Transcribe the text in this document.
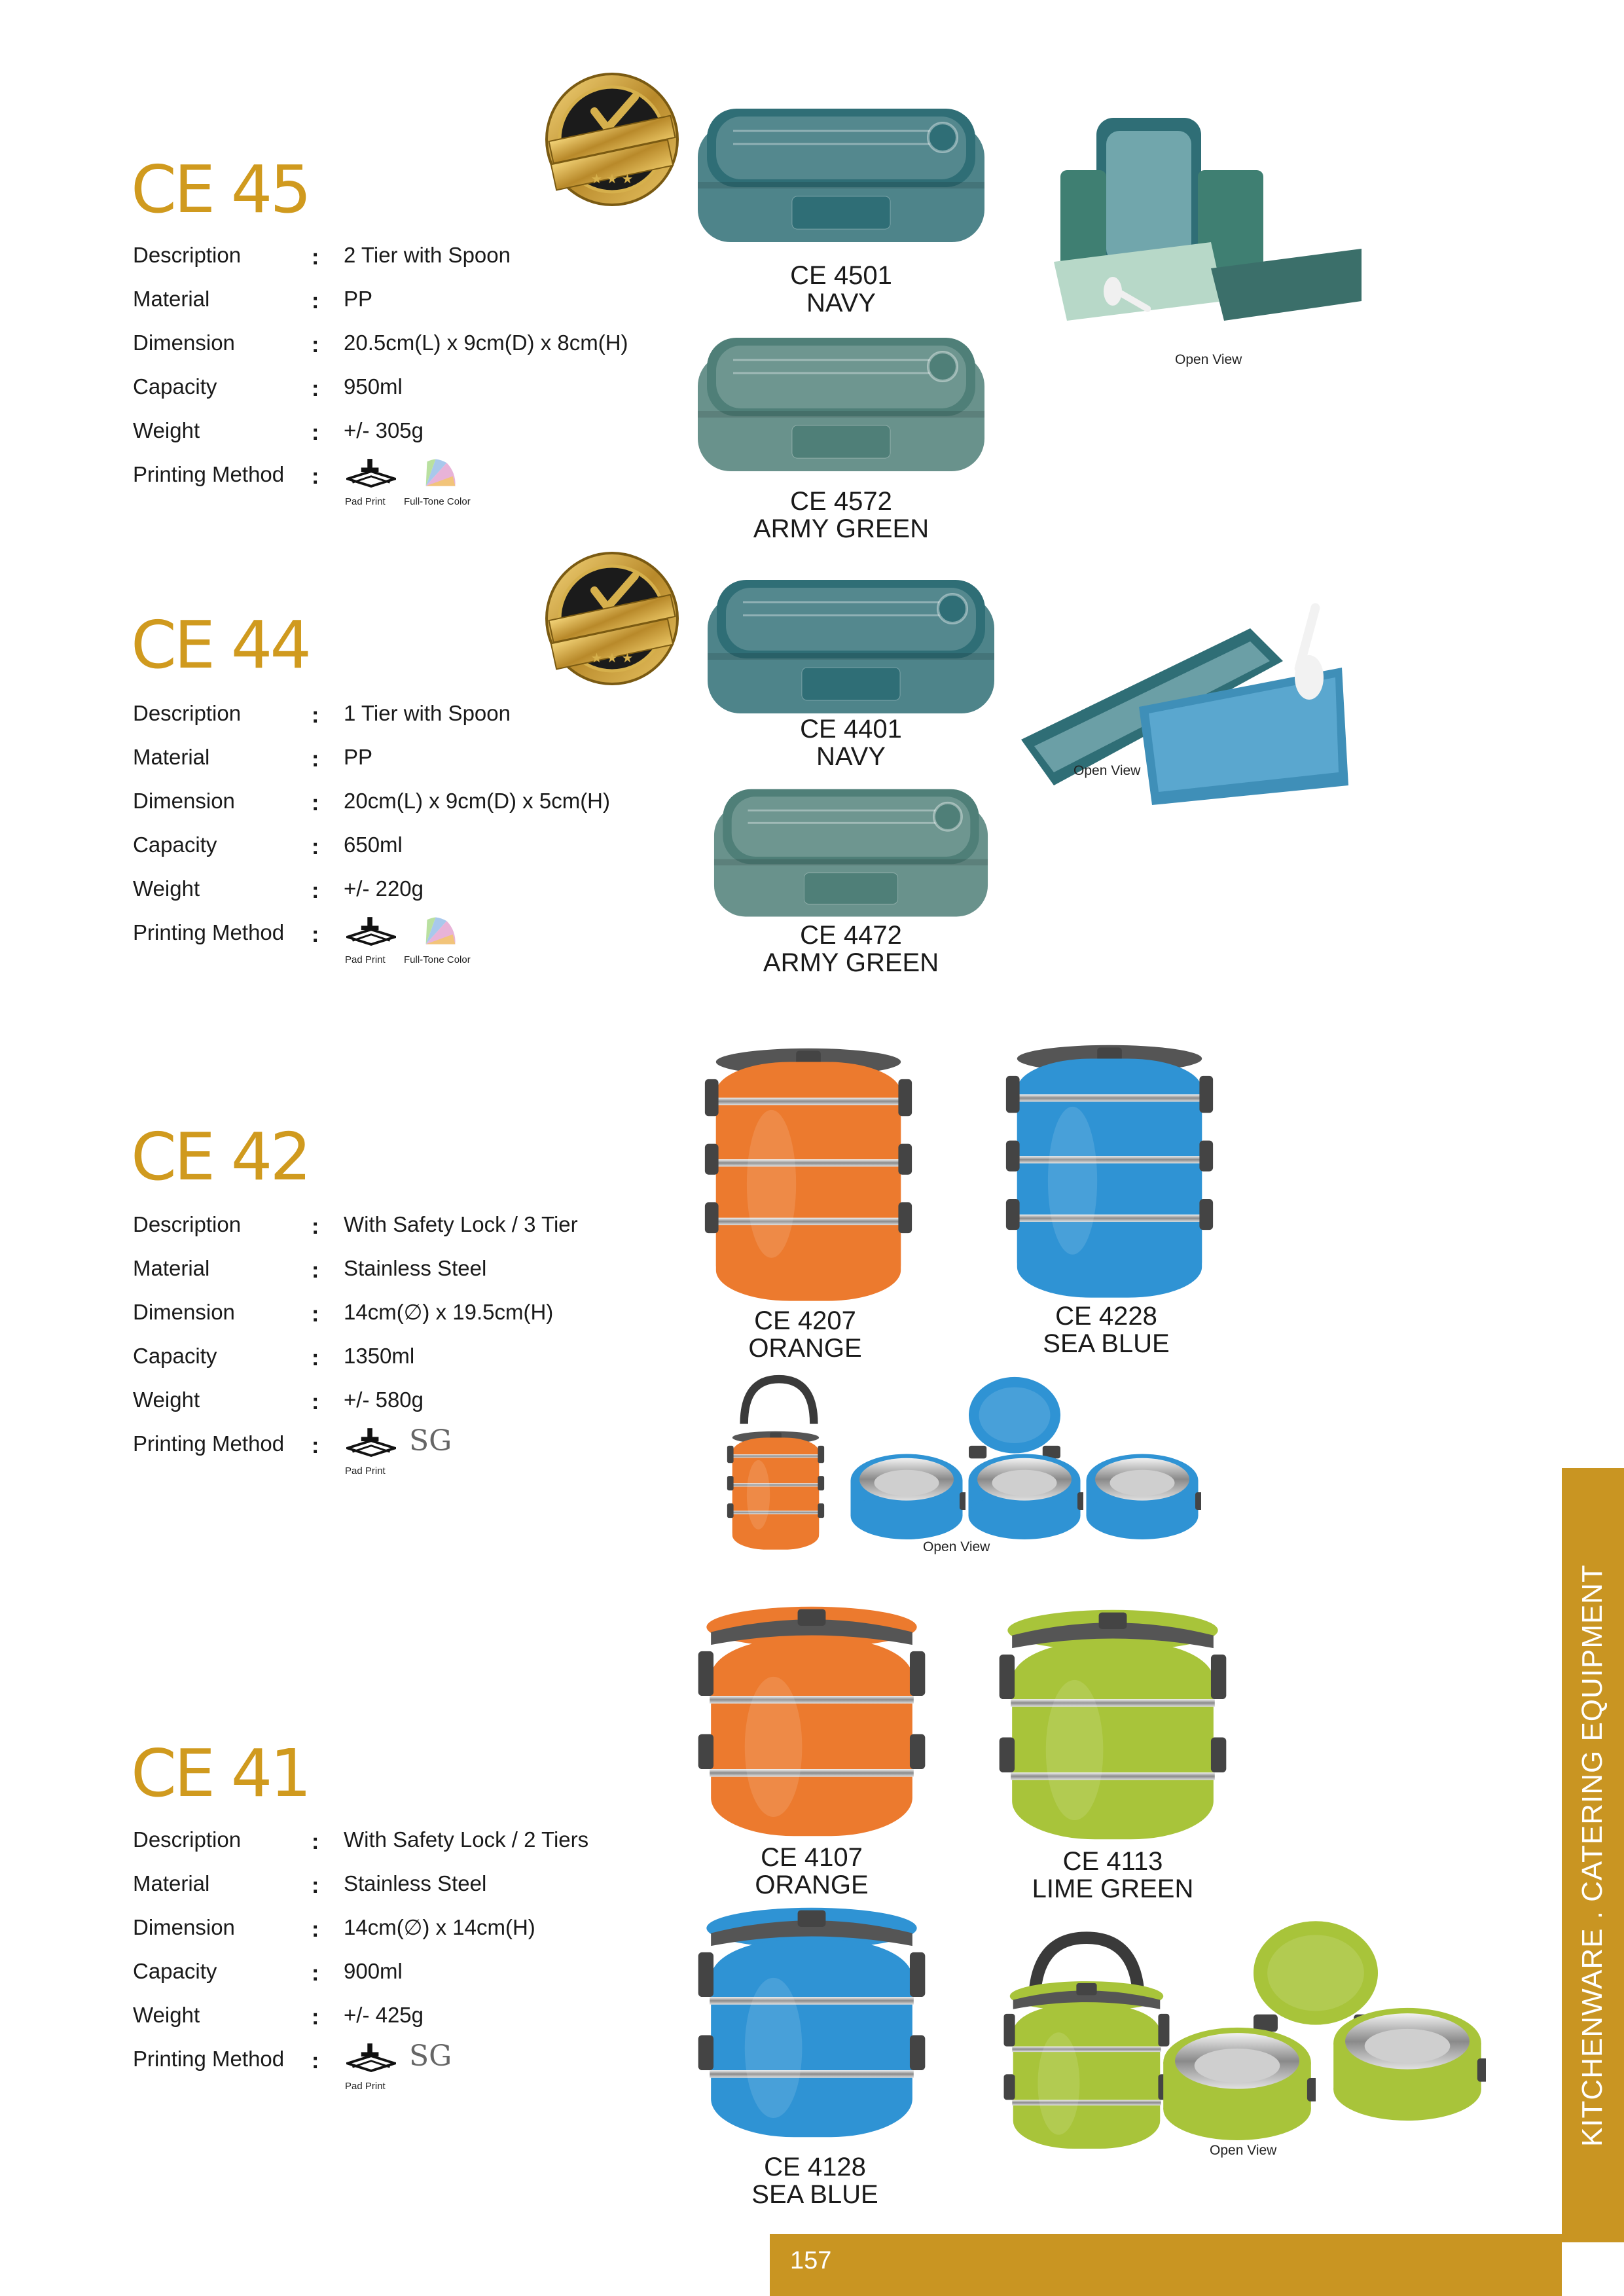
CE 45
Description	: 2 Tier with Spoon
Material	: PP
Dimension	: 20.5cm(L) x 9cm(D) x 8cm(H)
Capacity	: 950ml
Weight	: +/- 305g
Printing Method :
Pad Print Full-Tone Color
CE 4501
NAVY
CE 4572
ARMY GREEN
Open View
CE 44
Description	: 1 Tier with Spoon
Material	: PP
Dimension	: 20cm(L) x 9cm(D) x 5cm(H)
Capacity	: 650ml
Weight	: +/- 220g
Printing Method :
Pad Print Full-Tone Color
CE 4401
NAVY
CE 4472
ARMY GREEN
Open View
CE 42
Description	: With Safety Lock / 3 Tier
Material	: Stainless Steel
Dimension	: 14cm(∅) x 19.5cm(H)
Capacity	: 1350ml
Weight	: +/- 580g
Printing Method :
Pad Print
SG
CE 4207
ORANGE
CE 4228
SEA BLUE
Open View
CE 41
Description	: With Safety Lock / 2 Tiers
Material	: Stainless Steel
Dimension	: 14cm(∅) x 14cm(H)
Capacity	: 900ml
Weight	: +/- 425g
Printing Method :
Pad Print
SG
CE 4107
ORANGE
CE 4113
LIME GREEN
CE 4128
SEA BLUE
Open View
KITCHENWARE . CATERING EQUIPMENT
157
